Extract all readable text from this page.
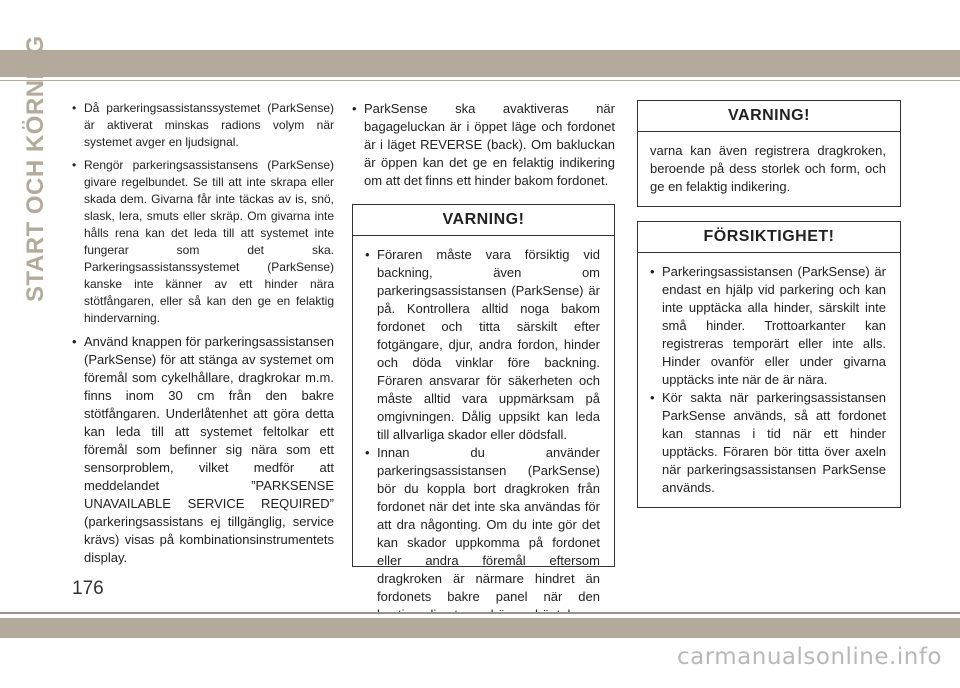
START OCH KÖRNING
•	Då parkeringsassistanssystemet (ParkSense) är aktiverat minskas radions volym när systemet avger en ljudsignal.
• Rengör parkeringsassistansens (ParkSense) givare regelbundet. Se till att inte skrapa eller skada dem. Givarna får inte täckas av is, snö, slask, lera, smuts eller skräp. Om givarna inte hålls rena kan det leda till att systemet inte fungerar som det ska. Parkeringsassistanssystemet (ParkSense) kanske inte känner av ett hinder nära stötfångaren, eller så kan den ge en felaktig hindervarning.
• Använd knappen för parkeringsassistansen (ParkSense) för att stänga av systemet om föremål som cykelhållare, dragkrokar m.m. finns inom 30 cm från den bakre stötfångaren. Underlåtenhet att göra detta kan leda till att systemet feltolkar ett föremål som befinner sig nära som ett sensorproblem, vilket medför att meddelandet ”PARKSENSE UNAVAILABLE SERVICE REQUIRED” (parkeringsassistans ej tillgänglig, service krävs) visas på kombinationsinstrumentets display.
• ParkSense ska avaktiveras när bagageluckan är i öppet läge och fordonet är i läget REVERSE (back). Om bakluckan är öppen kan det ge en felaktig indikering om att det finns ett hinder bakom fordonet.
VARNING!
• Föraren måste vara försiktig vid backning, även om parkeringsassistansen (ParkSense) är på. Kontrollera alltid noga bakom fordonet och titta särskilt efter fotgängare, djur, andra fordon, hinder och döda vinklar före backning. Föraren ansvarar för säkerheten och måste alltid vara uppmärksam på omgivningen. Dålig uppsikt kan leda till allvarliga skador eller dödsfall.
• Innan du använder parkeringsassistansen (ParkSense) bör du koppla bort dragkroken från fordonet när det inte ska användas för att dra någonting. Om du inte gör det kan skador uppkomma på fordonet eller andra föremål eftersom dragkroken är närmare hindret än fordonets bakre panel när den
VARNING!

varna kan även registrera dragkroken, beroende på dess storlek och form, och ge en felaktig indikering.

FÖRSIKTIGHET!
• Parkeringsassistansen (ParkSense) är endast en hjälp vid parkering och kan inte upptäcka alla hinder, särskilt inte små hinder. Trottoarkanter kan registreras temporärt eller inte alls. Hinder ovanför eller under givarna upptäcks inte när de är nära.
• Kör sakta när parkeringsassistansen ParkSense används, så att fordonet kan stannas i tid när ett hinder upptäcks. Föraren bör titta över axeln när parkeringsassistansen ParkSense används.
176
carmanualsonline.info
